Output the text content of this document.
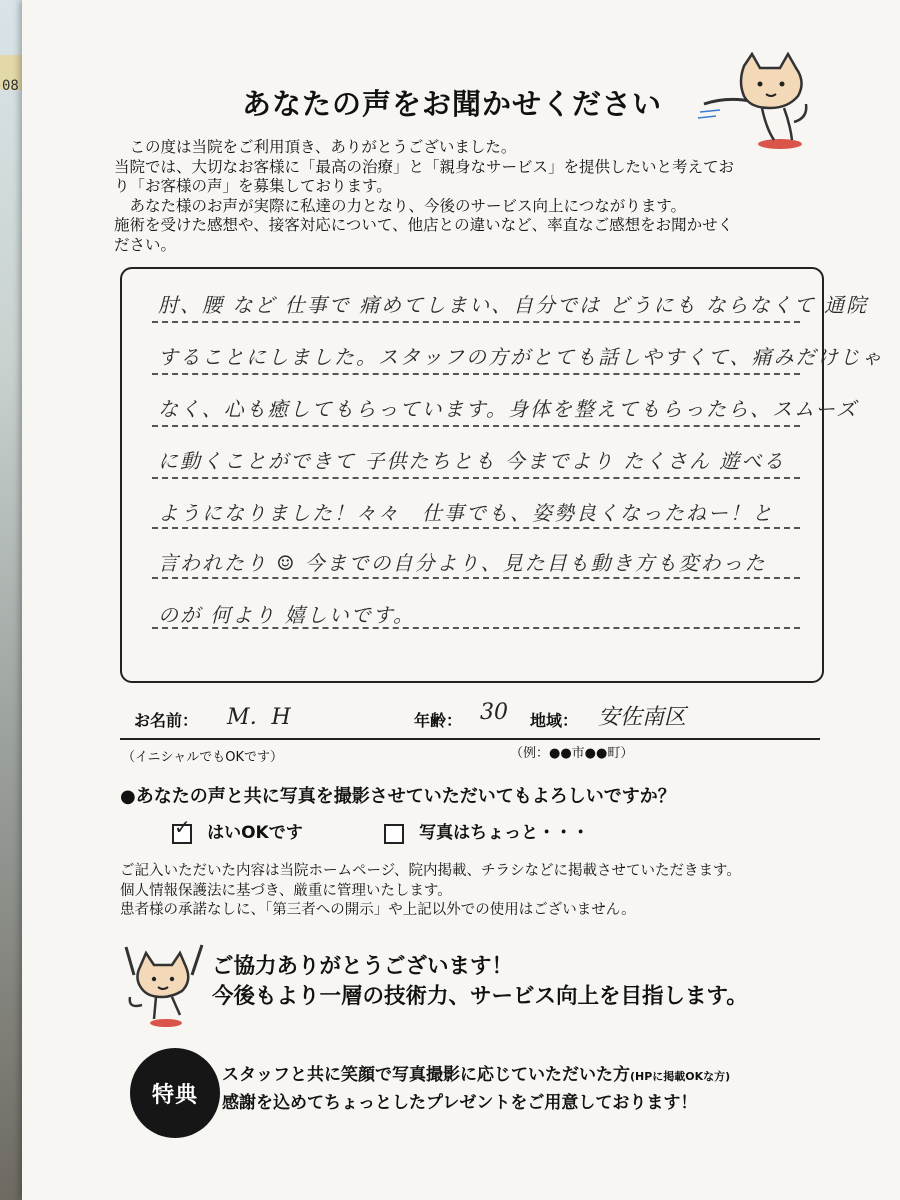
08
あなたの声をお聞かせください
　この度は当院をご利用頂き、ありがとうございました。
当院では、大切なお客様に「最高の治療」と「親身なサービス」を提供したいと考えてお
り「お客様の声」を募集しております。
　あなた様のお声が実際に私達の力となり、今後のサービス向上につながります。
施術を受けた感想や、接客対応について、他店との違いなど、率直なご感想をお聞かせく
ださい。
肘、腰 など 仕事で 痛めてしまい、自分では どうにも ならなくて 通院
することにしました。スタッフの方がとても話しやすくて、痛みだけじゃ
なく、心も癒してもらっています。身体を整えてもらったら、スムーズ
に動くことができて 子供たちとも 今までより たくさん 遊べる
ようになりました！々々　仕事でも、姿勢良くなったねー！と
言われたり ☺ 今までの自分より、見た目も動き方も変わった
のが 何より 嬉しいです。
お名前： M．H	年齢： 30 地域： 安佐南区
（イニシャルでもOKです）	（例：●●市●●町）
●あなたの声と共に写真を撮影させていただいてもよろしいですか？
✓ はいOKです	写真はちょっと・・・
ご記入いただいた内容は当院ホームページ、院内掲載、チラシなどに掲載させていただきます。
個人情報保護法に基づき、厳重に管理いたします。
患者様の承諾なしに、「第三者への開示」や上記以外での使用はございません。
ご協力ありがとうございます！
今後もより一層の技術力、サービス向上を目指します。
特典
スタッフと共に笑顔で写真撮影に応じていただいた方(HPに掲載OKな方)
感謝を込めてちょっとしたプレゼントをご用意しております！
